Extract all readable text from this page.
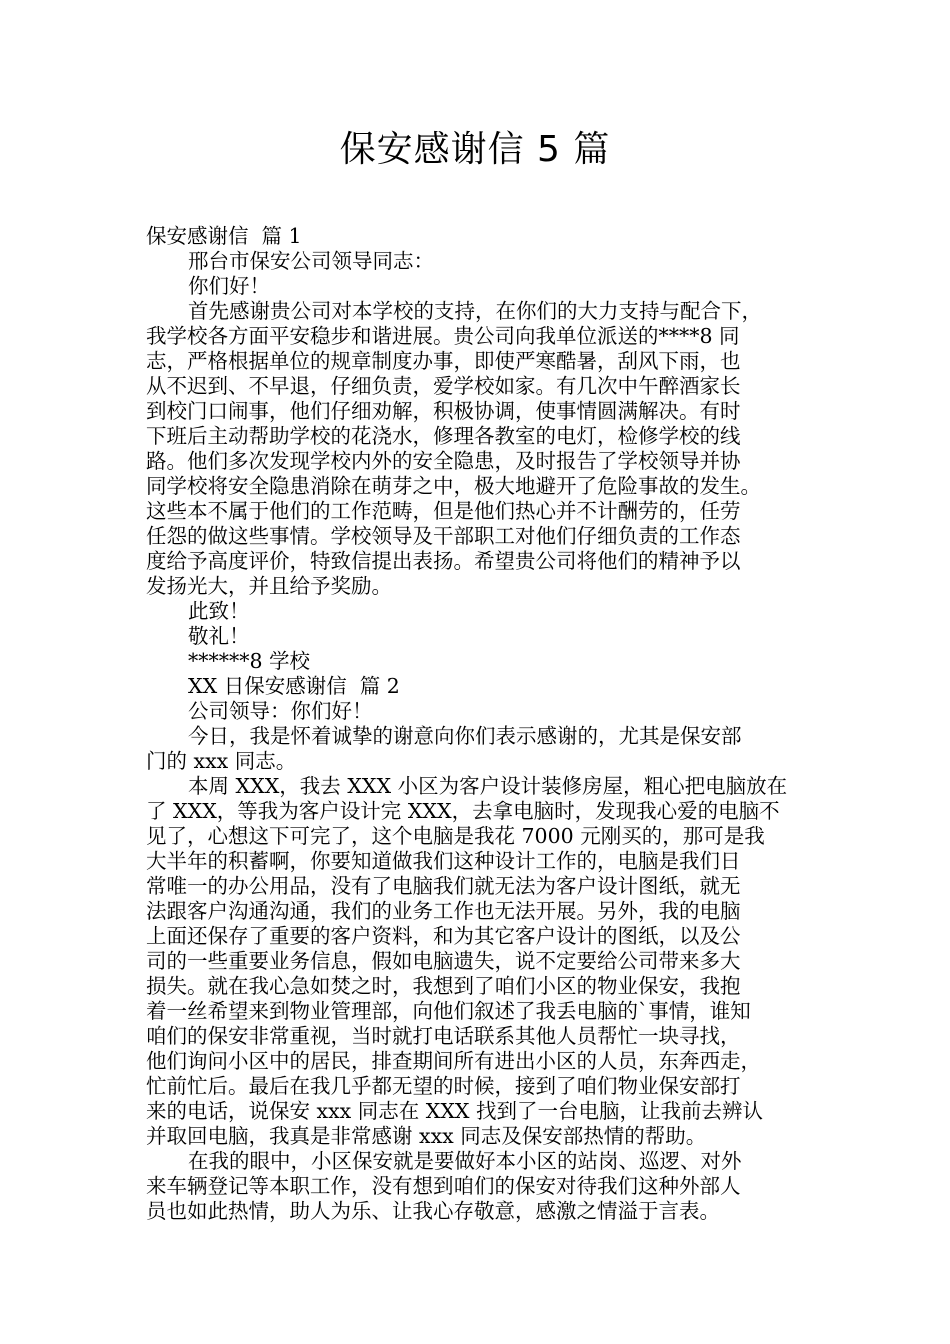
保安感谢信 5 篇
保安感谢信  篇 1
邢台市保安公司领导同志：
你们好！
首先感谢贵公司对本学校的支持，在你们的大力支持与配合下，
我学校各方面平安稳步和谐进展。贵公司向我单位派送的****8 同
志，严格根据单位的规章制度办事，即使严寒酷暑，刮风下雨，也
从不迟到、不早退，仔细负责，爱学校如家。有几次中午醉酒家长
到校门口闹事，他们仔细劝解，积极协调，使事情圆满解决。有时
下班后主动帮助学校的花浇水，修理各教室的电灯，检修学校的线
路。他们多次发现学校内外的安全隐患，及时报告了学校领导并协
同学校将安全隐患消除在萌芽之中，极大地避开了危险事故的发生。
这些本不属于他们的工作范畴，但是他们热心并不计酬劳的，任劳
任怨的做这些事情。学校领导及干部职工对他们仔细负责的工作态
度给予高度评价，特致信提出表扬。希望贵公司将他们的精神予以
发扬光大，并且给予奖励。
此致！
敬礼！
******8 学校
XX 日保安感谢信  篇 2
公司领导：你们好！
今日，我是怀着诚挚的谢意向你们表示感谢的，尤其是保安部
门的 xxx 同志。
本周 XXX，我去 XXX 小区为客户设计装修房屋，粗心把电脑放在
了 XXX，等我为客户设计完 XXX，去拿电脑时，发现我心爱的电脑不
见了，心想这下可完了，这个电脑是我花 7000 元刚买的，那可是我
大半年的积蓄啊，你要知道做我们这种设计工作的，电脑是我们日
常唯一的办公用品，没有了电脑我们就无法为客户设计图纸，就无
法跟客户沟通沟通，我们的业务工作也无法开展。另外，我的电脑
上面还保存了重要的客户资料，和为其它客户设计的图纸，以及公
司的一些重要业务信息，假如电脑遗失，说不定要给公司带来多大
损失。就在我心急如焚之时，我想到了咱们小区的物业保安，我抱
着一丝希望来到物业管理部，向他们叙述了我丢电脑的`事情，谁知
咱们的保安非常重视，当时就打电话联系其他人员帮忙一块寻找，
他们询问小区中的居民，排查期间所有进出小区的人员，东奔西走，
忙前忙后。最后在我几乎都无望的时候，接到了咱们物业保安部打
来的电话，说保安 xxx 同志在 XXX 找到了一台电脑，让我前去辨认
并取回电脑，我真是非常感谢 xxx 同志及保安部热情的帮助。
在我的眼中，小区保安就是要做好本小区的站岗、巡逻、对外
来车辆登记等本职工作，没有想到咱们的保安对待我们这种外部人
员也如此热情，助人为乐、让我心存敬意，感激之情溢于言表。
